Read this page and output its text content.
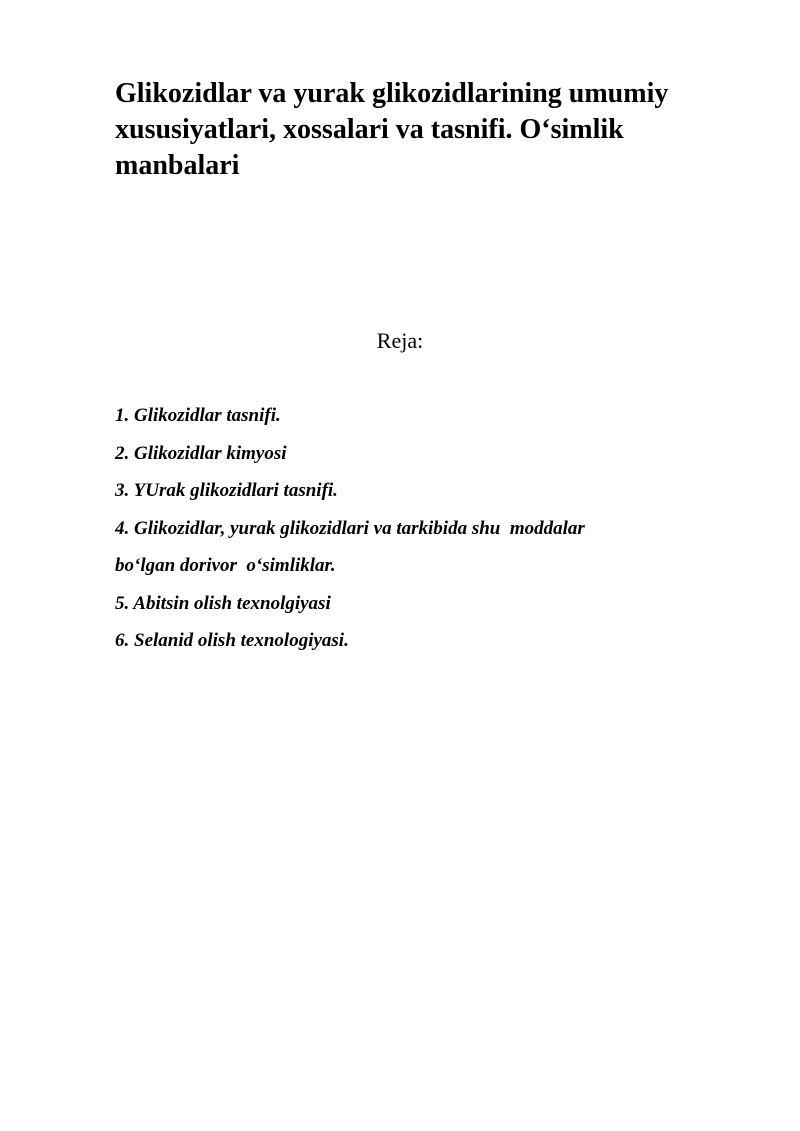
Glikozidlar va yurak glikozidlarining umumiy xususiyatlari, xossalari va tasnifi. O‘simlik manbalari
Reja:
1. Glikozidlar tasnifi.
2. Glikozidlar kimyosi
3. YUrak glikozidlari tasnifi.
4. Glikozidlar, yurak glikozidlari va tarkibida shu  moddalar
bo‘lgan dorivor  o‘simliklar.
5. Abitsin olish texnolgiyasi
6. Selanid olish texnologiyasi.
